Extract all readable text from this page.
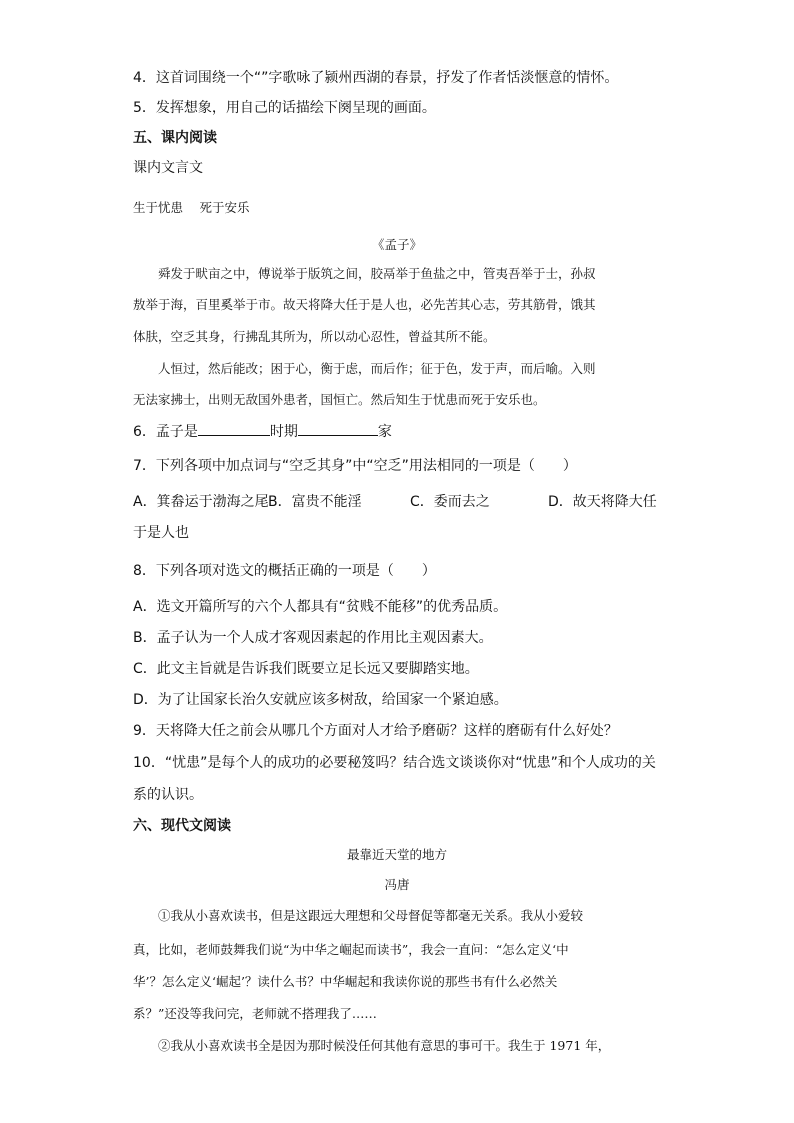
4．这首词围绕一个“”字歌咏了颍州西湖的春景，抒发了作者恬淡惬意的情怀。
5．发挥想象，用自己的话描绘下阕呈现的画面。
五、课内阅读
课内文言文
生于忧患　 死于安乐
《孟子》
舜发于畎亩之中，傅说举于版筑之间，胶鬲举于鱼盐之中，管夷吾举于士，孙叔
敖举于海，百里奚举于市。故天将降大任于是人也，必先苦其心志，劳其筋骨，饿其
体肤，空乏其身，行拂乱其所为，所以动心忍性，曾益其所不能。
人恒过，然后能改；困于心，衡于虑，而后作；征于色，发于声，而后喻。入则
无法家拂士，出则无敌国外患者，国恒亡。然后知生于忧患而死于安乐也。
6．孟子是	时期	家
7．下列各项中加点词与“空乏其身”中“空乏”用法相同的一项是（　　）
A．箕畚运于渤海之尾 B．富贵不能淫	C．委而去之	D．故天将降大任
于是人也
8．下列各项对选文的概括正确的一项是（　　）
A．选文开篇所写的六个人都具有“贫贱不能移”的优秀品质。
B．孟子认为一个人成才客观因素起的作用比主观因素大。
C．此文主旨就是告诉我们既要立足长远又要脚踏实地。
D．为了让国家长治久安就应该多树敌，给国家一个紧迫感。
9．天将降大任之前会从哪几个方面对人才给予磨砺？这样的磨砺有什么好处？
10．“忧患”是每个人的成功的必要秘笈吗？结合选文谈谈你对“忧患”和个人成功的关
系的认识。
六、现代文阅读
最靠近天堂的地方
冯唐
①我从小喜欢读书，但是这跟远大理想和父母督促等都毫无关系。我从小爱较
真，比如，老师鼓舞我们说“为中华之崛起而读书”，我会一直问：“怎么定义‘中
华’？怎么定义‘崛起’？读什么书？中华崛起和我读你说的那些书有什么必然关
系？”还没等我问完，老师就不搭理我了……
②我从小喜欢读书全是因为那时候没任何其他有意思的事可干。我生于 1971 年，
